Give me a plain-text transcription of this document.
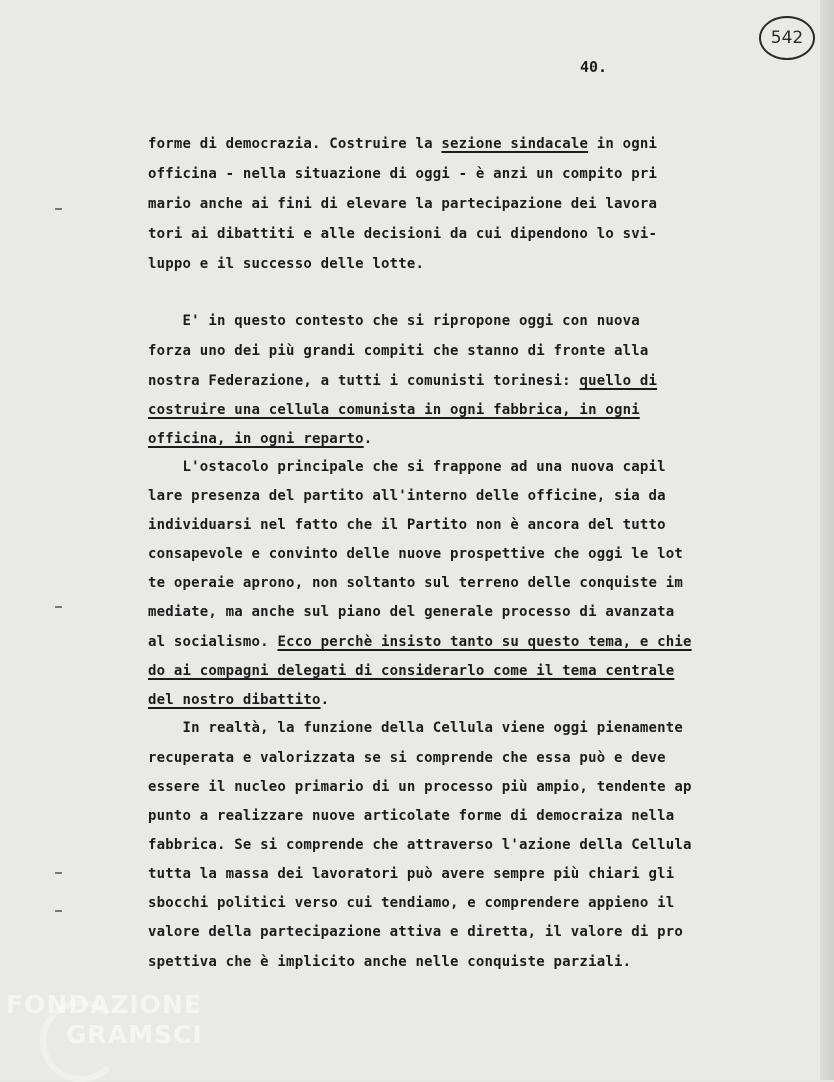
542
40.
forme di democrazia. Costruire la sezione sindacale in ogni
officina - nella situazione di oggi - è anzi un compito pri
mario anche ai fini di elevare la partecipazione dei lavora
tori ai dibattiti e alle decisioni da cui dipendono lo svi-
luppo e il successo delle lotte.
E' in questo contesto che si ripropone oggi con nuova
forza uno dei più grandi compiti che stanno di fronte alla
nostra Federazione, a tutti i comunisti torinesi: quello di
costruire una cellula comunista in ogni fabbrica, in ogni
officina, in ogni reparto.
L'ostacolo principale che si frappone ad una nuova capil
lare presenza del partito all'interno delle officine, sia da
individuarsi nel fatto che il Partito non è ancora del tutto
consapevole e convinto delle nuove prospettive che oggi le lot
te operaie aprono, non soltanto sul terreno delle conquiste im
mediate, ma anche sul piano del generale processo di avanzata
al socialismo. Ecco perchè insisto tanto su questo tema, e chie
do ai compagni delegati di considerarlo come il tema centrale
del nostro dibattito.
In realtà, la funzione della Cellula viene oggi pienamente
recuperata e valorizzata se si comprende che essa può e deve
essere il nucleo primario di un processo più ampio, tendente ap
punto a realizzare nuove articolate forme di democraiza nella
fabbrica. Se si comprende che attraverso l'azione della Cellula
tutta la massa dei lavoratori può avere sempre più chiari gli
sbocchi politici verso cui tendiamo, e comprendere appieno il
valore della partecipazione attiva e diretta, il valore di pro
spettiva che è implicito anche nelle conquiste parziali.
FONDAZIONE
GRAMSCI
